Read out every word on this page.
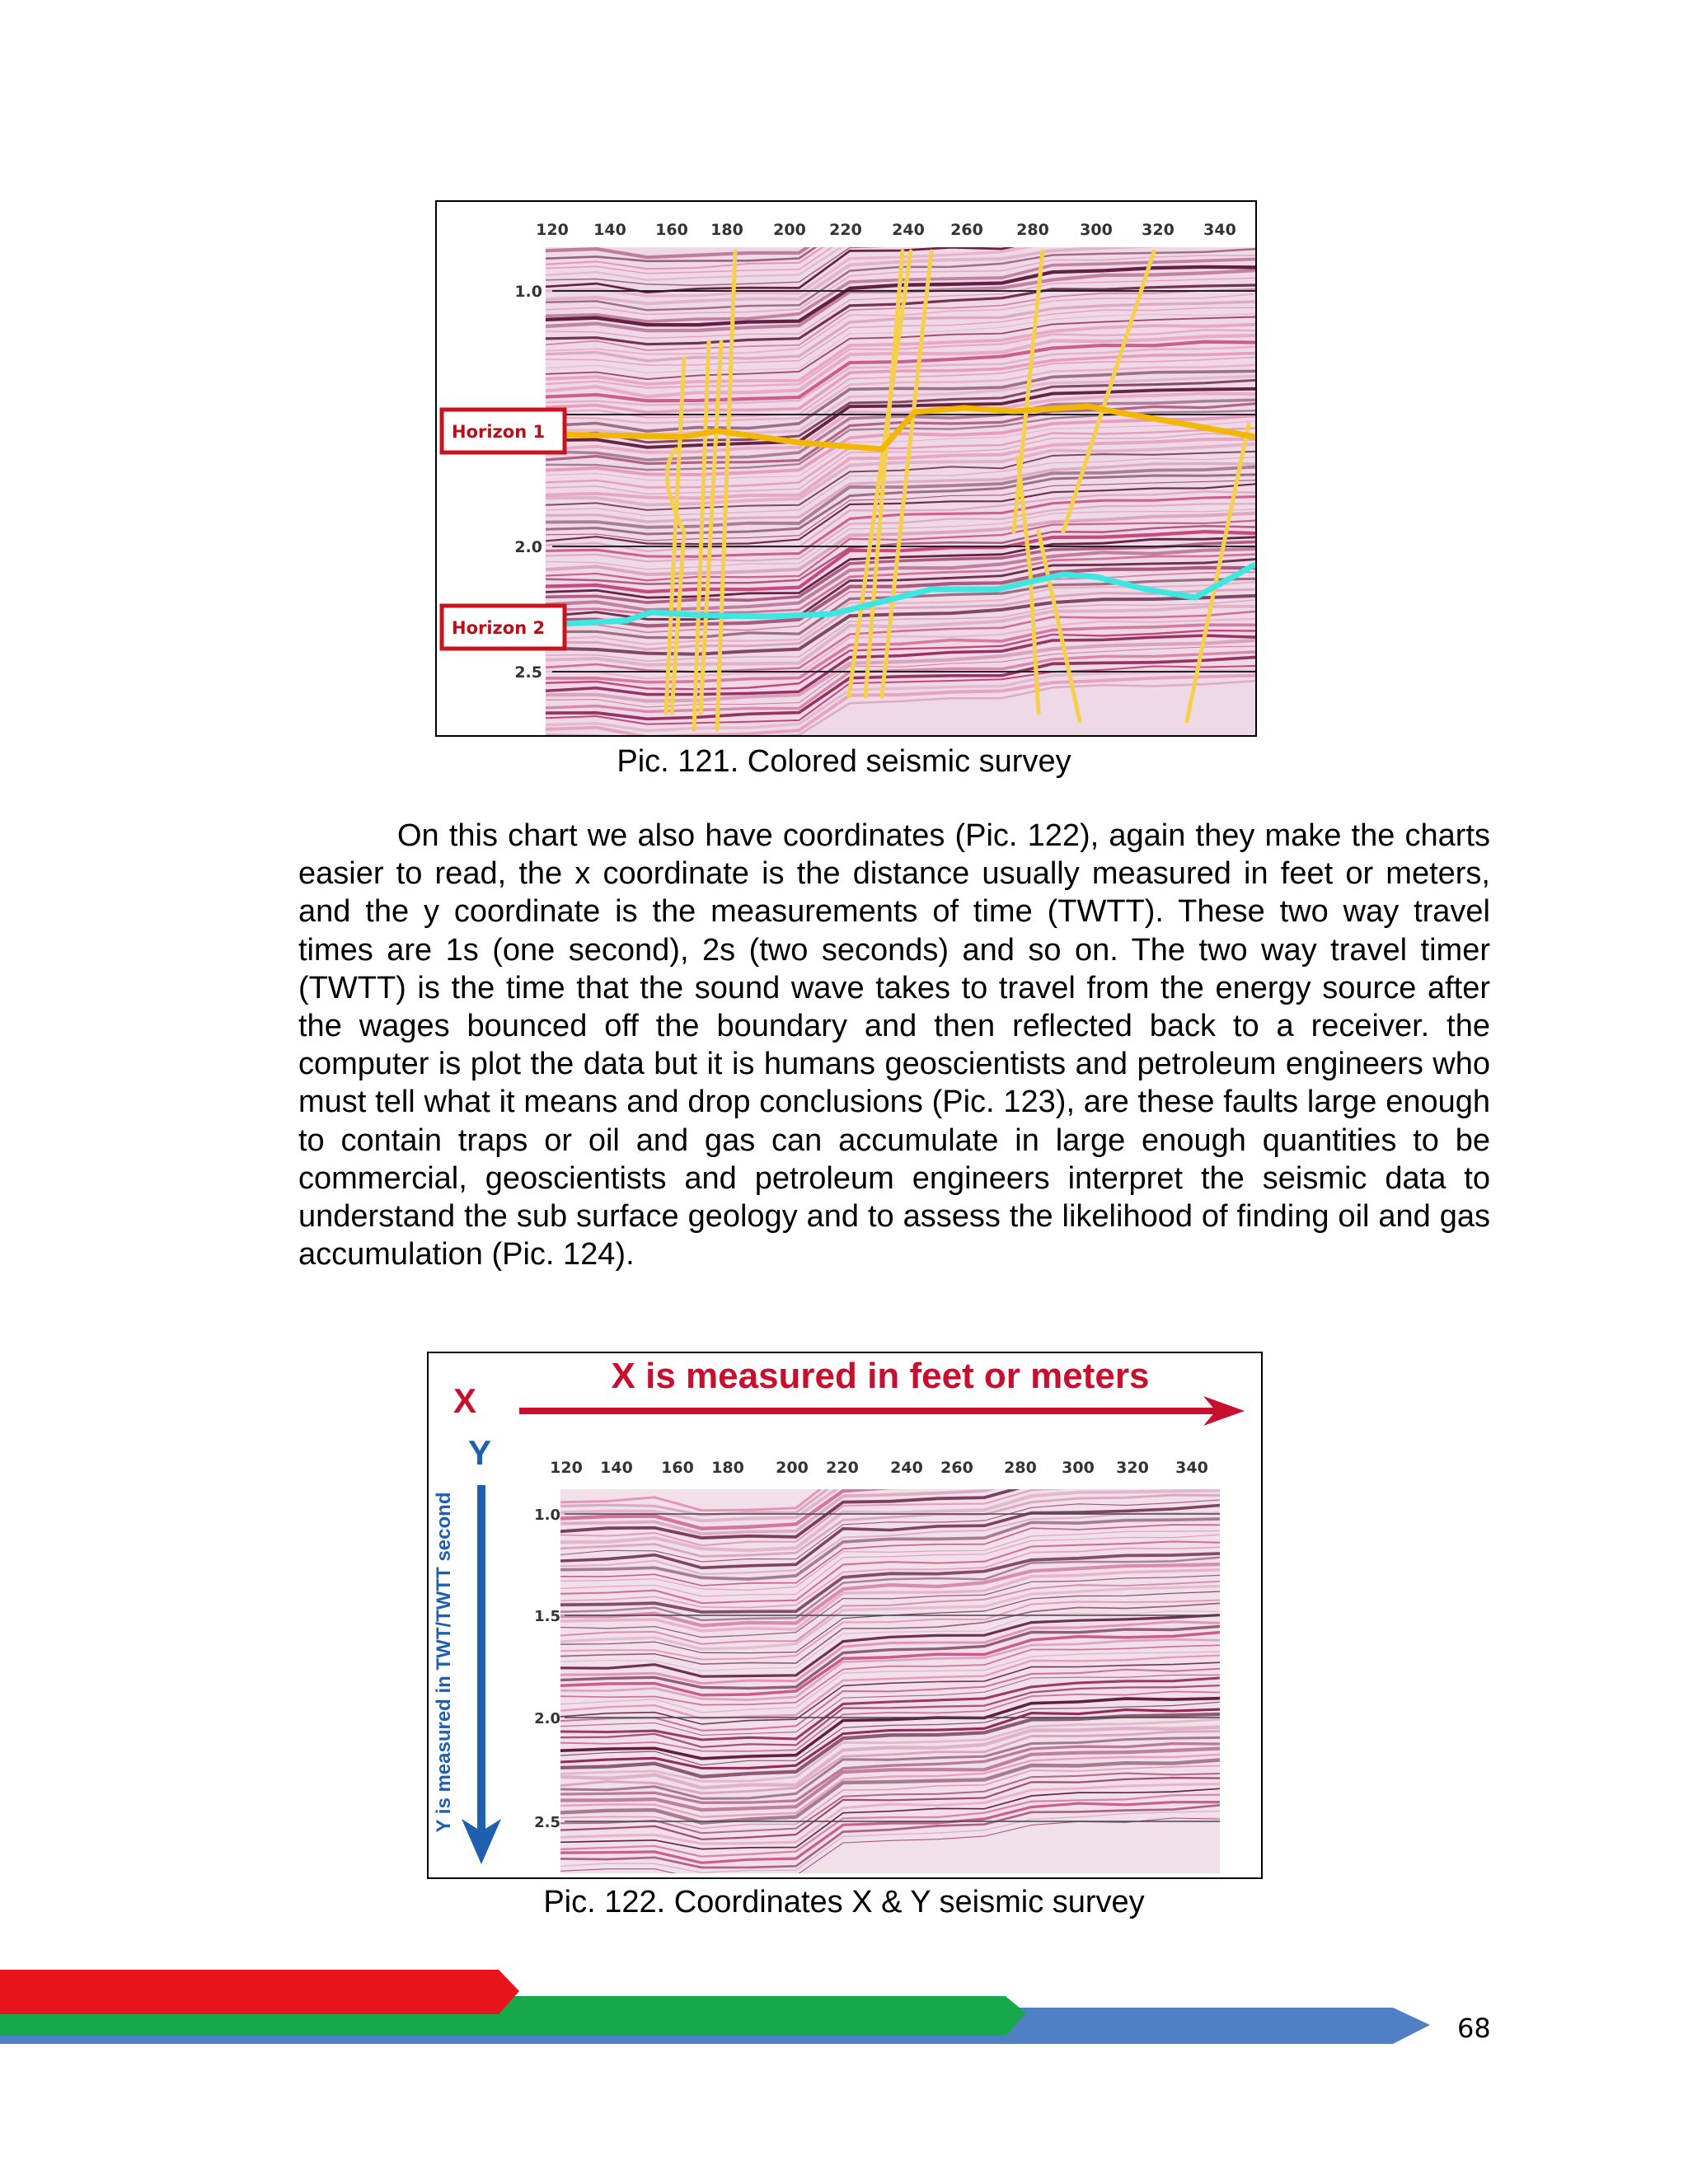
120 140 160 180 200 220 240 260 280 300 320 340
1.0
2.0
2.5
Horizon 1
Horizon 2
Pic. 121. Colored seismic survey

On this chart we also have coordinates (Pic. 122), again they make the charts easier to read, the x coordinate is the distance usually measured in feet or meters, and the y coordinate is the measurements of time (TWTT). These two way travel times are 1s (one second), 2s (two seconds) and so on. The two way travel timer (TWTT) is the time that the sound wave takes to travel from the energy source after the wages bounced off the boundary and then reflected back to a receiver. the computer is plot the data but it is humans geoscientists and petroleum engineers who must tell what it means and drop conclusions (Pic. 123), are these faults large enough to contain traps or oil and gas can accumulate in large enough quantities to be commercial, geoscientists and petroleum engineers interpret the seismic data to understand the sub surface geology and to assess the likelihood of finding oil and gas accumulation (Pic. 124).

120 140 160 180 200 220 240 260 280 300 320 340
1.0
1.5
2.0
2.5
X is measured in feet or meters
X
Y
Y is measured in TWT/TWTT second
Pic. 122. Coordinates X & Y seismic survey
68
